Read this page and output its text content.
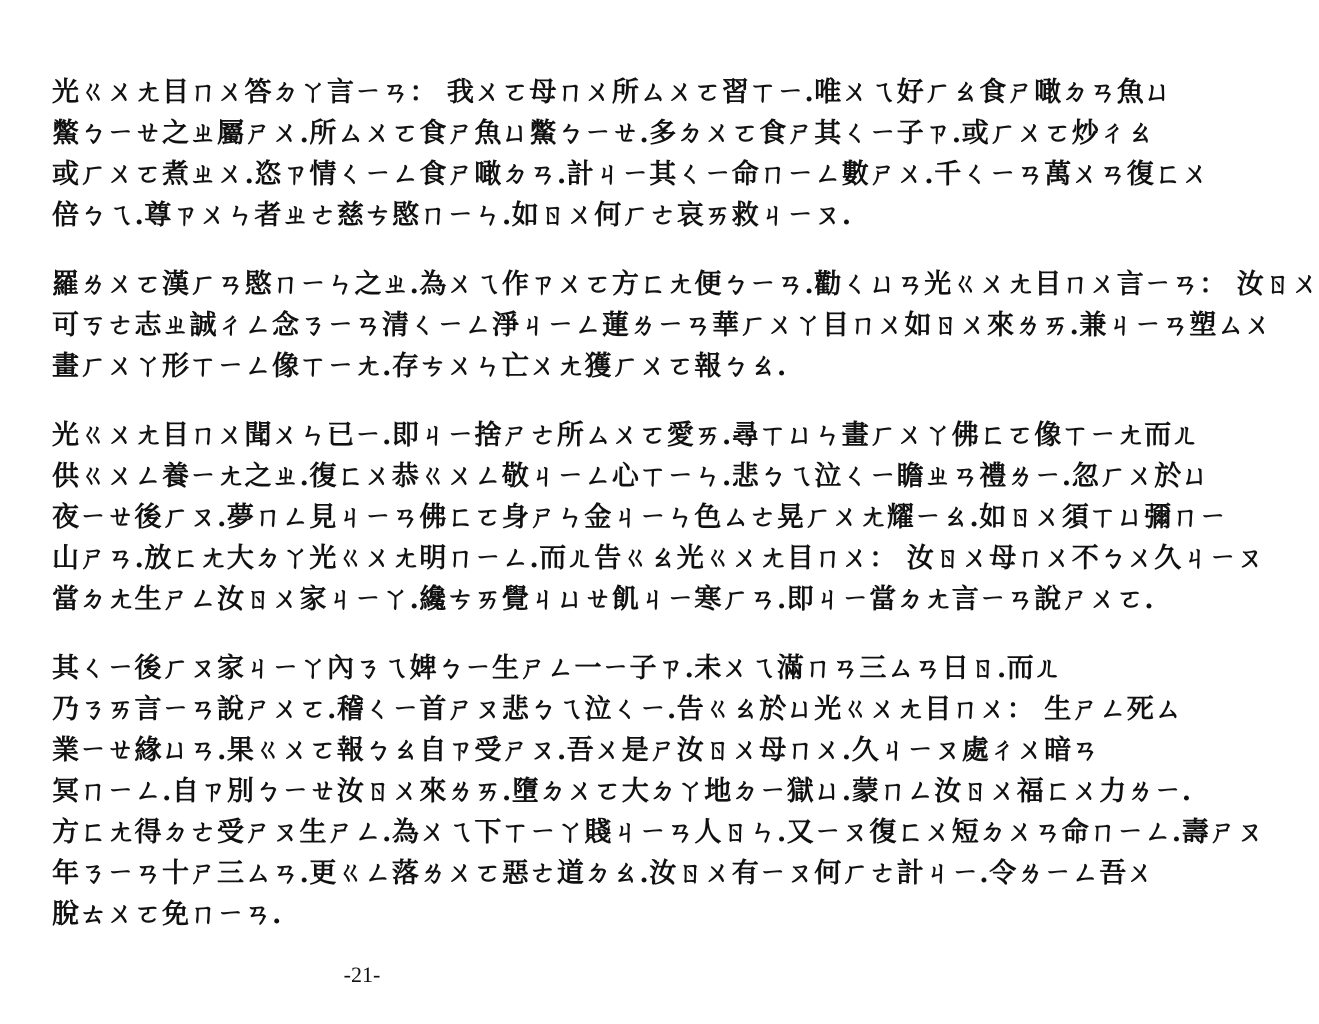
光ㄍㄨㄤ目ㄇㄨ答ㄉㄚ言ㄧㄢ： 我ㄨㄛ母ㄇㄨ所ㄙㄨㄛ習ㄒㄧ.唯ㄨㄟ好ㄏㄠ食ㄕ噉ㄉㄢ魚ㄩ
鱉ㄅㄧㄝ之ㄓ屬ㄕㄨ.所ㄙㄨㄛ食ㄕ魚ㄩ鱉ㄅㄧㄝ.多ㄉㄨㄛ食ㄕ其ㄑㄧ子ㄗ.或ㄏㄨㄛ炒ㄔㄠ
或ㄏㄨㄛ煮ㄓㄨ.恣ㄗ情ㄑㄧㄥ食ㄕ噉ㄉㄢ.計ㄐㄧ其ㄑㄧ命ㄇㄧㄥ數ㄕㄨ.千ㄑㄧㄢ萬ㄨㄢ復ㄈㄨ
倍ㄅㄟ.尊ㄗㄨㄣ者ㄓㄜ慈ㄘ愍ㄇㄧㄣ.如ㄖㄨ何ㄏㄜ哀ㄞ救ㄐㄧㄡ.
羅ㄌㄨㄛ漢ㄏㄢ愍ㄇㄧㄣ之ㄓ.為ㄨㄟ作ㄗㄨㄛ方ㄈㄤ便ㄅㄧㄢ.勸ㄑㄩㄢ光ㄍㄨㄤ目ㄇㄨ言ㄧㄢ： 汝ㄖㄨ
可ㄎㄜ志ㄓ誠ㄔㄥ念ㄋㄧㄢ清ㄑㄧㄥ淨ㄐㄧㄥ蓮ㄌㄧㄢ華ㄏㄨㄚ目ㄇㄨ如ㄖㄨ來ㄌㄞ.兼ㄐㄧㄢ塑ㄙㄨ
畫ㄏㄨㄚ形ㄒㄧㄥ像ㄒㄧㄤ.存ㄘㄨㄣ亡ㄨㄤ獲ㄏㄨㄛ報ㄅㄠ.
光ㄍㄨㄤ目ㄇㄨ聞ㄨㄣ已ㄧ.即ㄐㄧ捨ㄕㄜ所ㄙㄨㄛ愛ㄞ.尋ㄒㄩㄣ畫ㄏㄨㄚ佛ㄈㄛ像ㄒㄧㄤ而ㄦ
供ㄍㄨㄥ養ㄧㄤ之ㄓ.復ㄈㄨ恭ㄍㄨㄥ敬ㄐㄧㄥ心ㄒㄧㄣ.悲ㄅㄟ泣ㄑㄧ瞻ㄓㄢ禮ㄌㄧ.忽ㄏㄨ於ㄩ
夜ㄧㄝ後ㄏㄡ.夢ㄇㄥ見ㄐㄧㄢ佛ㄈㄛ身ㄕㄣ金ㄐㄧㄣ色ㄙㄜ晃ㄏㄨㄤ耀ㄧㄠ.如ㄖㄨ須ㄒㄩ彌ㄇㄧ
山ㄕㄢ.放ㄈㄤ大ㄉㄚ光ㄍㄨㄤ明ㄇㄧㄥ.而ㄦ告ㄍㄠ光ㄍㄨㄤ目ㄇㄨ： 汝ㄖㄨ母ㄇㄨ不ㄅㄨ久ㄐㄧㄡ
當ㄉㄤ生ㄕㄥ汝ㄖㄨ家ㄐㄧㄚ.纔ㄘㄞ覺ㄐㄩㄝ飢ㄐㄧ寒ㄏㄢ.即ㄐㄧ當ㄉㄤ言ㄧㄢ說ㄕㄨㄛ.
其ㄑㄧ後ㄏㄡ家ㄐㄧㄚ內ㄋㄟ婢ㄅㄧ生ㄕㄥ一ㄧ子ㄗ.未ㄨㄟ滿ㄇㄢ三ㄙㄢ日ㄖ.而ㄦ
乃ㄋㄞ言ㄧㄢ說ㄕㄨㄛ.稽ㄑㄧ首ㄕㄡ悲ㄅㄟ泣ㄑㄧ.告ㄍㄠ於ㄩ光ㄍㄨㄤ目ㄇㄨ： 生ㄕㄥ死ㄙ
業ㄧㄝ緣ㄩㄢ.果ㄍㄨㄛ報ㄅㄠ自ㄗ受ㄕㄡ.吾ㄨ是ㄕ汝ㄖㄨ母ㄇㄨ.久ㄐㄧㄡ處ㄔㄨ暗ㄢ
冥ㄇㄧㄥ.自ㄗ別ㄅㄧㄝ汝ㄖㄨ來ㄌㄞ.墮ㄉㄨㄛ大ㄉㄚ地ㄉㄧ獄ㄩ.蒙ㄇㄥ汝ㄖㄨ福ㄈㄨ力ㄌㄧ.
方ㄈㄤ得ㄉㄜ受ㄕㄡ生ㄕㄥ.為ㄨㄟ下ㄒㄧㄚ賤ㄐㄧㄢ人ㄖㄣ.又ㄧㄡ復ㄈㄨ短ㄉㄨㄢ命ㄇㄧㄥ.壽ㄕㄡ
年ㄋㄧㄢ十ㄕ三ㄙㄢ.更ㄍㄥ落ㄌㄨㄛ惡ㄜ道ㄉㄠ.汝ㄖㄨ有ㄧㄡ何ㄏㄜ計ㄐㄧ.令ㄌㄧㄥ吾ㄨ
脫ㄊㄨㄛ免ㄇㄧㄢ.
-21-
